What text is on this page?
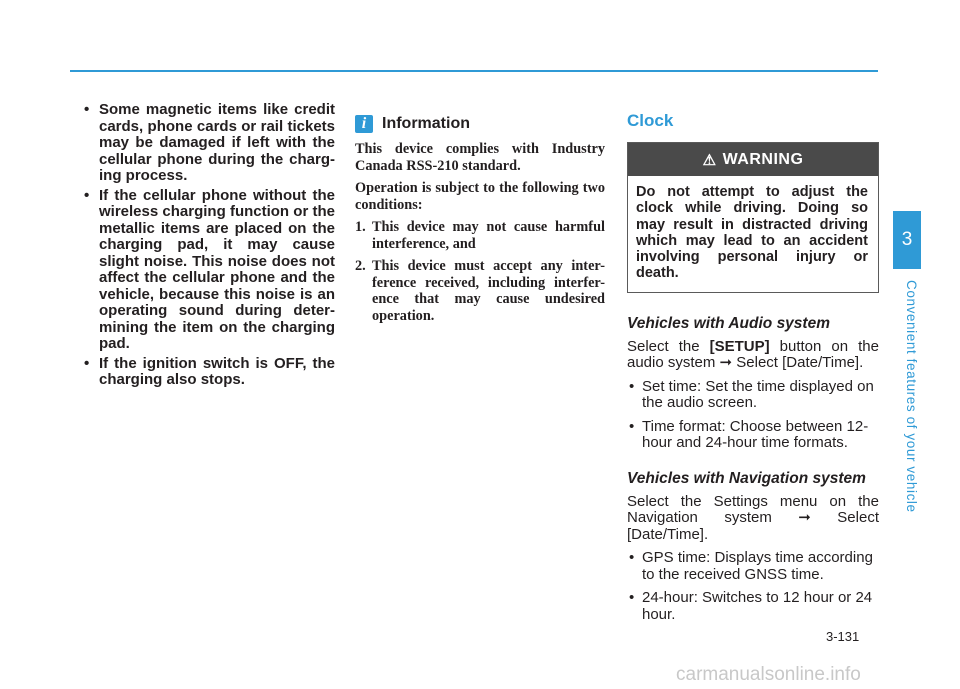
• Some magnetic items like credit cards, phone cards or rail tickets may be damaged if left with the cellular phone during the charg-ing process.
• If the cellular phone without the wireless charging function or the metallic items are placed on the charging pad, it may cause slight noise. This noise does not affect the cellular phone and the vehicle, because this noise is an operating sound during deter-mining the item on the charging pad.
• If the ignition switch is OFF, the charging also stops.
i Information

This device complies with Industry Canada RSS-210 standard.

Operation is subject to the following two conditions:

1. This device may not cause harmful interference, and
2. This device must accept any inter-ference received, including interfer-ence that may cause undesired operation.
Clock
⚠ WARNING
Do not attempt to adjust the clock while driving. Doing so may result in distracted driving which may lead to an accident involving personal injury or death.
Vehicles with Audio system

Select the [SETUP] button on the audio system ➞ Select [Date/Time].

• Set time: Set the time displayed on the audio screen.
• Time format: Choose between 12-hour and 24-hour time formats.
Vehicles with Navigation system

Select the Settings menu on the Navigation system ➞ Select [Date/Time].

• GPS time: Displays time according to the received GNSS time.
• 24-hour: Switches to 12 hour or 24 hour.
3
Convenient features of your vehicle
3-131
carmanualsonline.info
